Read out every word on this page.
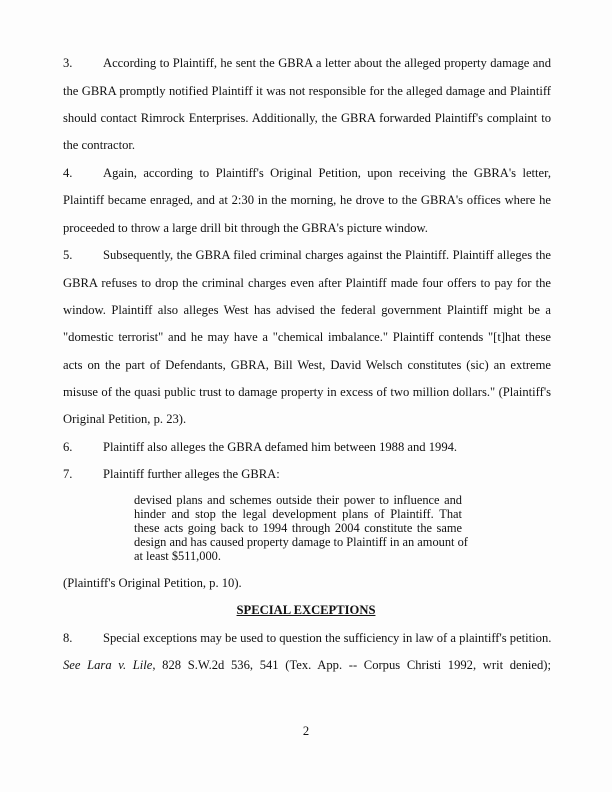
3. According to Plaintiff, he sent the GBRA a letter about the alleged property damage and
the GBRA promptly notified Plaintiff it was not responsible for the alleged damage and Plaintiff
should contact Rimrock Enterprises. Additionally, the GBRA forwarded Plaintiff's complaint to
the contractor.
4. Again, according to Plaintiff's Original Petition, upon receiving the GBRA's letter,
Plaintiff became enraged, and at 2:30 in the morning, he drove to the GBRA's offices where he
proceeded to throw a large drill bit through the GBRA's picture window.
5. Subsequently, the GBRA filed criminal charges against the Plaintiff. Plaintiff alleges the
GBRA refuses to drop the criminal charges even after Plaintiff made four offers to pay for the
window. Plaintiff also alleges West has advised the federal government Plaintiff might be a
"domestic terrorist" and he may have a "chemical imbalance." Plaintiff contends "[t]hat these
acts on the part of Defendants, GBRA, Bill West, David Welsch constitutes (sic) an extreme
misuse of the quasi public trust to damage property in excess of two million dollars." (Plaintiff's
Original Petition, p. 23).
6. Plaintiff also alleges the GBRA defamed him between 1988 and 1994.
7. Plaintiff further alleges the GBRA:
devised plans and schemes outside their power to influence and
hinder and stop the legal development plans of Plaintiff. That
these acts going back to 1994 through 2004 constitute the same
design and has caused property damage to Plaintiff in an amount of
at least $511,000.
(Plaintiff's Original Petition, p. 10).
SPECIAL EXCEPTIONS
8. Special exceptions may be used to question the sufficiency in law of a plaintiff's petition.
See Lara v. Lile, 828 S.W.2d 536, 541 (Tex. App. -- Corpus Christi 1992, writ denied);
2
